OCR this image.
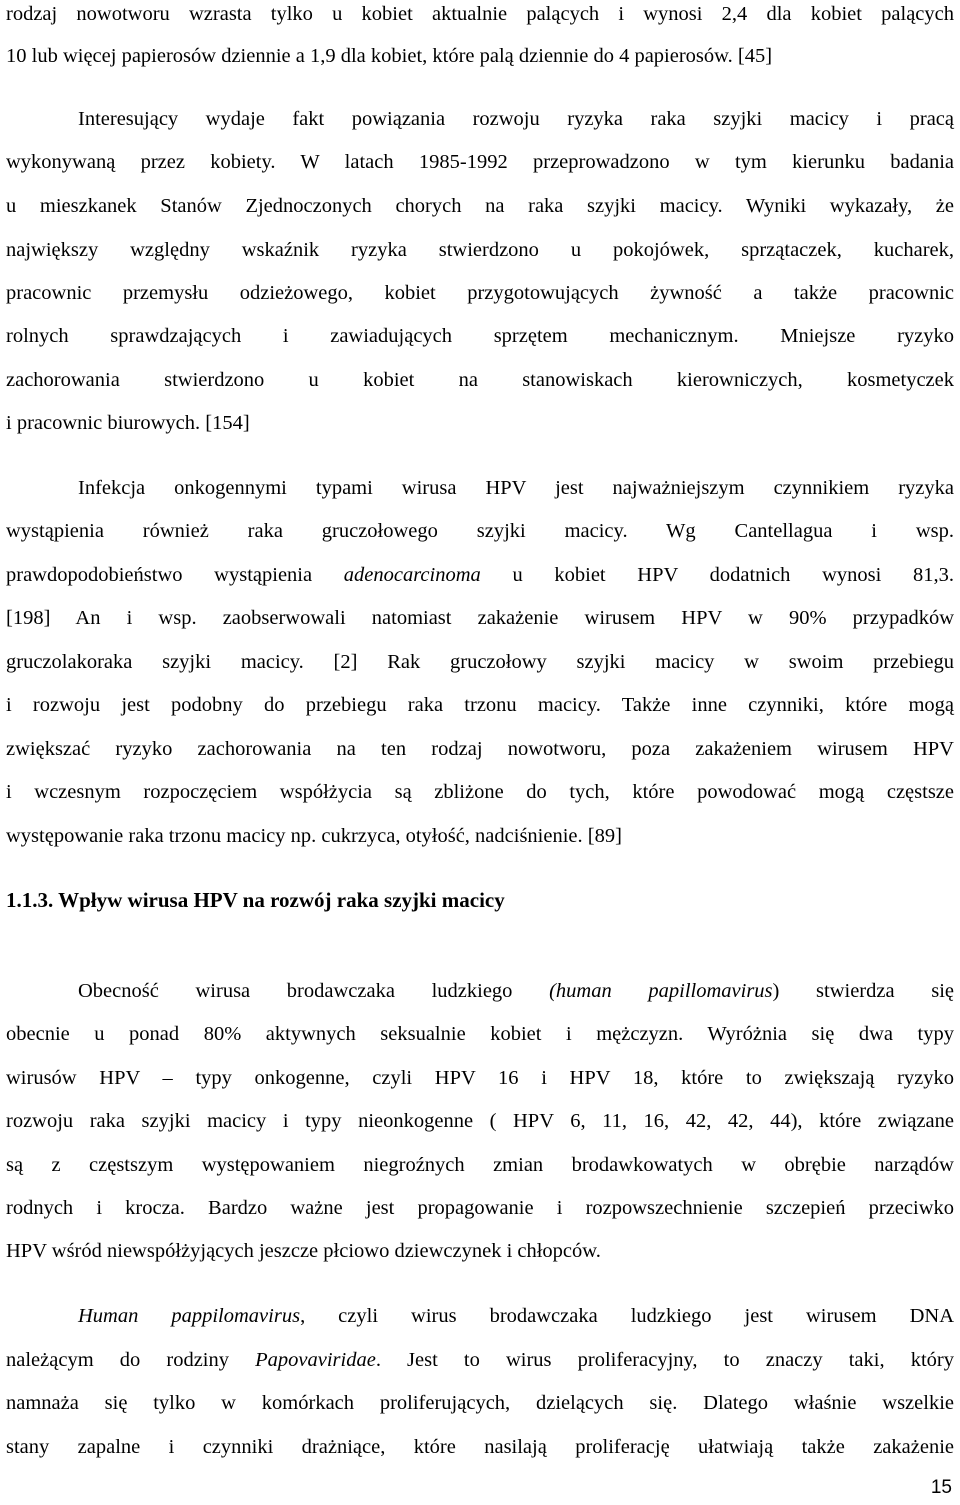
rodzaj nowotworu wzrasta tylko u kobiet aktualnie palących i wynosi 2,4 dla kobiet palących
10 lub więcej papierosów dziennie a 1,9 dla kobiet, które palą dziennie do 4 papierosów. [45]
Interesujący wydaje fakt powiązania rozwoju ryzyka raka szyjki macicy i pracą
wykonywaną przez kobiety. W latach 1985-1992 przeprowadzono w tym kierunku badania
u mieszkanek Stanów Zjednoczonych chorych na raka szyjki macicy. Wyniki wykazały, że
największy względny wskaźnik ryzyka stwierdzono u pokojówek, sprzątaczek, kucharek,
pracownic przemysłu odzieżowego, kobiet przygotowujących żywność a także pracownic
rolnych sprawdzających i zawiadujących sprzętem mechanicznym. Mniejsze ryzyko
zachorowania stwierdzono u kobiet na stanowiskach kierowniczych, kosmetyczek
i pracownic biurowych. [154]
Infekcja onkogennymi typami wirusa HPV jest najważniejszym czynnikiem ryzyka
wystąpienia również raka gruczołowego szyjki macicy. Wg Cantellagua i wsp.
prawdopodobieństwo wystąpienia adenocarcinoma u kobiet HPV dodatnich wynosi 81,3.
[198] An i wsp. zaobserwowali natomiast zakażenie wirusem HPV w 90% przypadków
gruczolakoraka szyjki macicy. [2] Rak gruczołowy szyjki macicy w swoim przebiegu
i rozwoju jest podobny do przebiegu raka trzonu macicy. Także inne czynniki, które mogą
zwiększać ryzyko zachorowania na ten rodzaj nowotworu, poza zakażeniem wirusem HPV
i wczesnym rozpoczęciem współżycia są zbliżone do tych, które powodować mogą częstsze
występowanie raka trzonu macicy np. cukrzyca, otyłość, nadciśnienie. [89]
1.1.3. Wpływ wirusa HPV na rozwój raka szyjki macicy
Obecność wirusa brodawczaka ludzkiego (human papillomavirus) stwierdza się
obecnie u ponad 80% aktywnych seksualnie kobiet i mężczyzn. Wyróżnia się dwa typy
wirusów HPV – typy onkogenne, czyli HPV 16 i HPV 18, które to zwiększają ryzyko
rozwoju raka szyjki macicy i typy nieonkogenne ( HPV 6, 11, 16, 42, 42, 44), które związane
są z częstszym występowaniem niegroźnych zmian brodawkowatych w obrębie narządów
rodnych i krocza. Bardzo ważne jest propagowanie i rozpowszechnienie szczepień przeciwko
HPV wśród niewspółżyjących jeszcze płciowo dziewczynek i chłopców.
Human pappilomavirus, czyli wirus brodawczaka ludzkiego jest wirusem DNA
należącym do rodziny Papovaviridae. Jest to wirus proliferacyjny, to znaczy taki, który
namnaża się tylko w komórkach proliferujących, dzielących się. Dlatego właśnie wszelkie
stany zapalne i czynniki drażniące, które nasilają proliferację ułatwiają także zakażenie
15
